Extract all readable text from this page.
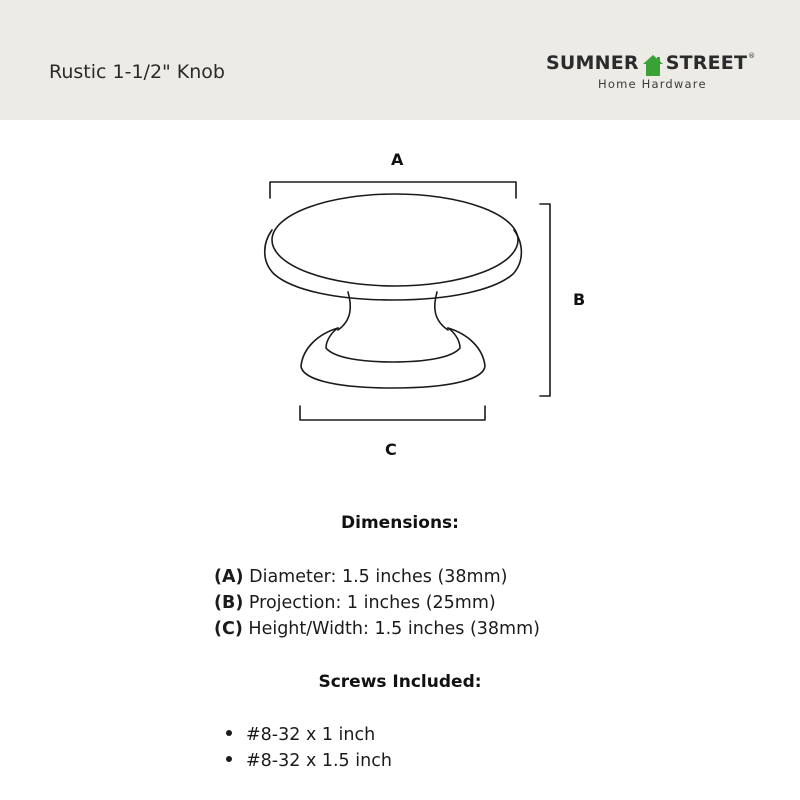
Rustic 1-1/2" Knob	SUMNER STREET ®
Home Hardware
A
B
C
Dimensions:
(A) Diameter: 1.5 inches (38mm)
(B) Projection: 1 inches (25mm)
(C) Height/Width: 1.5 inches (38mm)
Screws Included:
#8-32 x 1 inch
#8-32 x 1.5 inch
